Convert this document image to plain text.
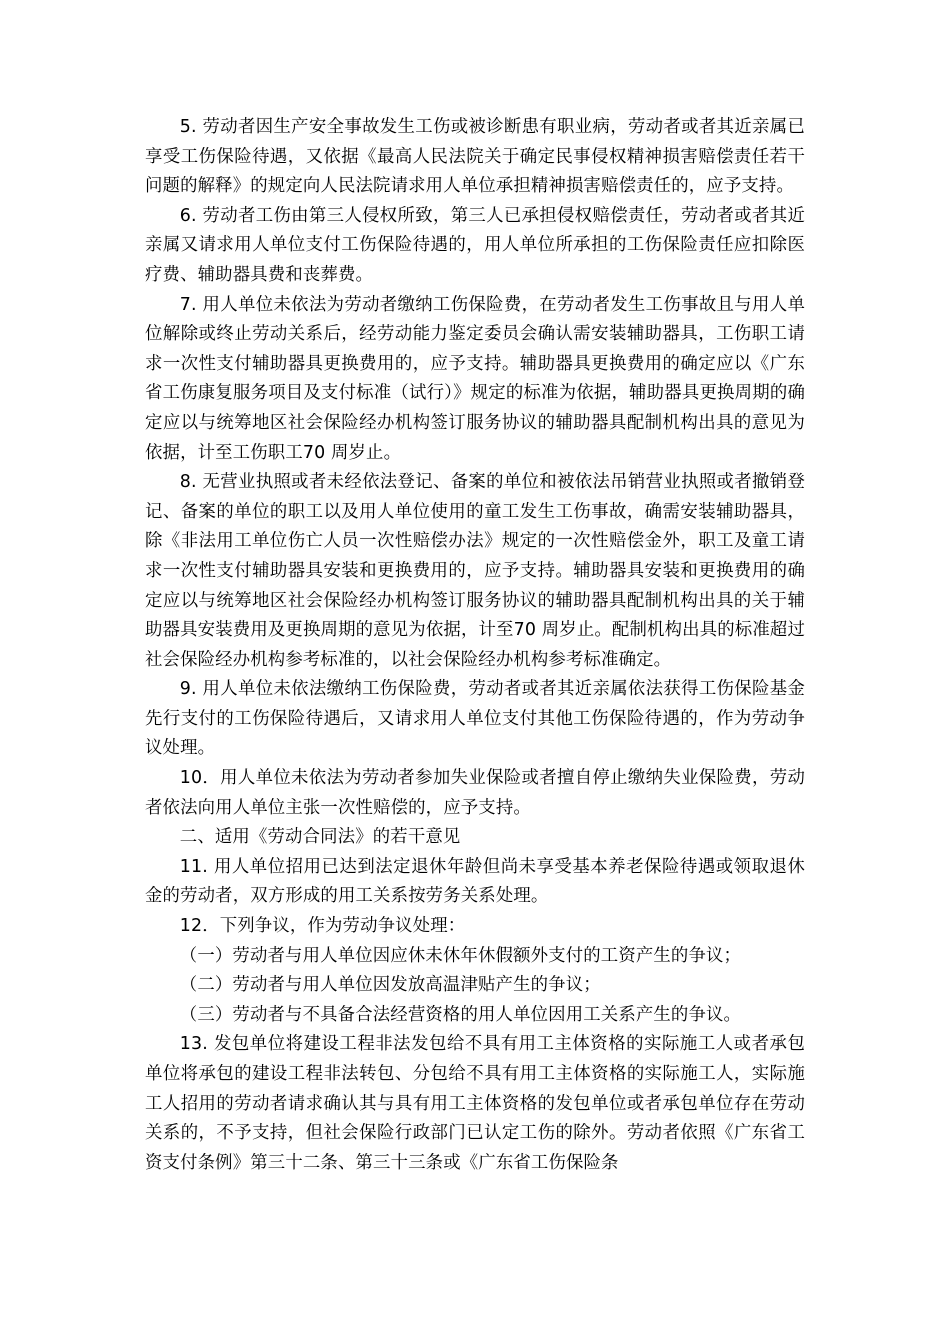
5. 劳动者因生产安全事故发生工伤或被诊断患有职业病，劳动者或者其近亲属已享受工伤保险待遇，又依据《最高人民法院关于确定民事侵权精神损害赔偿责任若干问题的解释》的规定向人民法院请求用人单位承担精神损害赔偿责任的，应予支持。

6. 劳动者工伤由第三人侵权所致，第三人已承担侵权赔偿责任，劳动者或者其近亲属又请求用人单位支付工伤保险待遇的，用人单位所承担的工伤保险责任应扣除医疗费、辅助器具费和丧葬费。

7. 用人单位未依法为劳动者缴纳工伤保险费，在劳动者发生工伤事故且与用人单位解除或终止劳动关系后，经劳动能力鉴定委员会确认需安装辅助器具，工伤职工请求一次性支付辅助器具更换费用的，应予支持。辅助器具更换费用的确定应以《广东省工伤康复服务项目及支付标准（试行）》规定的标准为依据，辅助器具更换周期的确定应以与统筹地区社会保险经办机构签订服务协议的辅助器具配制机构出具的意见为依据，计至工伤职工70 周岁止。

8. 无营业执照或者未经依法登记、备案的单位和被依法吊销营业执照或者撤销登记、备案的单位的职工以及用人单位使用的童工发生工伤事故，确需安装辅助器具，除《非法用工单位伤亡人员一次性赔偿办法》规定的一次性赔偿金外，职工及童工请求一次性支付辅助器具安装和更换费用的，应予支持。辅助器具安装和更换费用的确定应以与统筹地区社会保险经办机构签订服务协议的辅助器具配制机构出具的关于辅助器具安装费用及更换周期的意见为依据，计至70 周岁止。配制机构出具的标准超过社会保险经办机构参考标准的，以社会保险经办机构参考标准确定。

9. 用人单位未依法缴纳工伤保险费，劳动者或者其近亲属依法获得工伤保险基金先行支付的工伤保险待遇后，又请求用人单位支付其他工伤保险待遇的，作为劳动争议处理。

10．用人单位未依法为劳动者参加失业保险或者擅自停止缴纳失业保险费，劳动者依法向用人单位主张一次性赔偿的，应予支持。

二、适用《劳动合同法》的若干意见

11. 用人单位招用已达到法定退休年龄但尚未享受基本养老保险待遇或领取退休金的劳动者，双方形成的用工关系按劳务关系处理。

12．下列争议，作为劳动争议处理：

（一）劳动者与用人单位因应休未休年休假额外支付的工资产生的争议；

（二）劳动者与用人单位因发放高温津贴产生的争议；

（三）劳动者与不具备合法经营资格的用人单位因用工关系产生的争议。

13. 发包单位将建设工程非法发包给不具有用工主体资格的实际施工人或者承包单位将承包的建设工程非法转包、分包给不具有用工主体资格的实际施工人，实际施工人招用的劳动者请求确认其与具有用工主体资格的发包单位或者承包单位存在劳动关系的，不予支持，但社会保险行政部门已认定工伤的除外。劳动者依照《广东省工资支付条例》第三十二条、第三十三条或《广东省工伤保险条
